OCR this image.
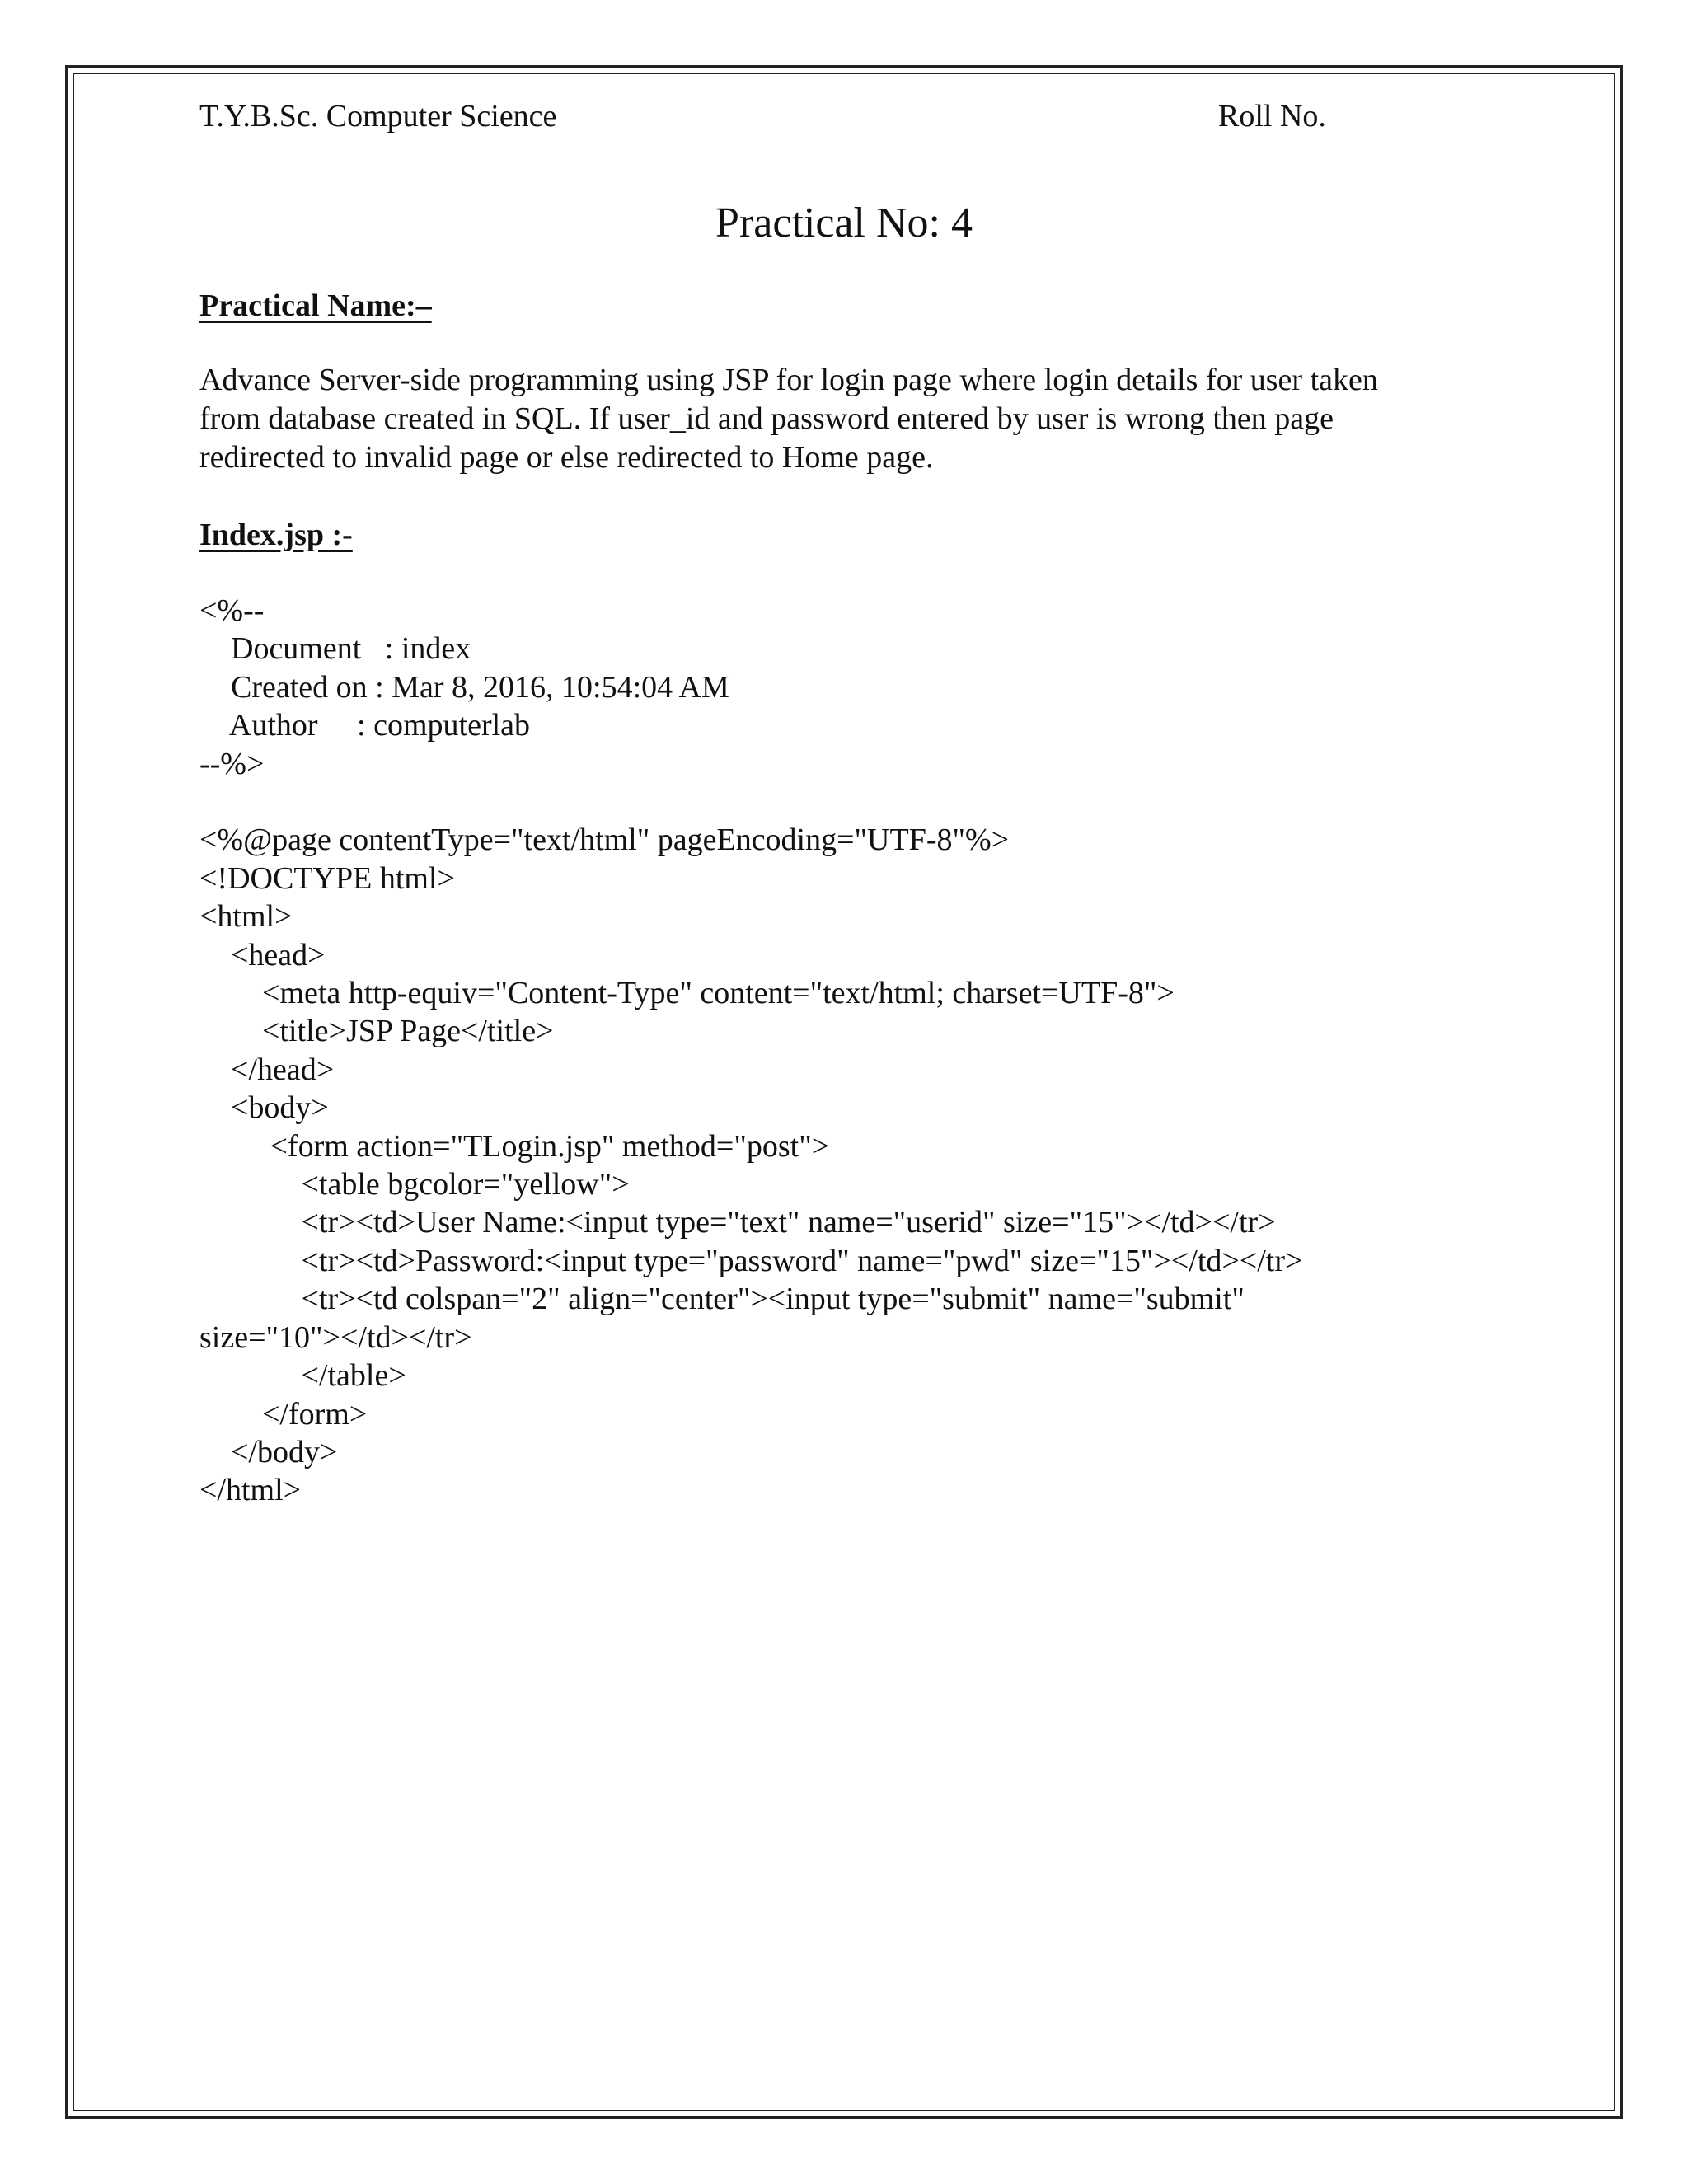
T.Y.B.Sc. Computer Science	Roll No.
Practical No: 4
Practical Name:–
Advance Server-side programming using JSP for login page where login details for user taken
from database created in SQL. If user_id and password entered by user is wrong then page
redirected to invalid page or else redirected to Home page.
Index.jsp :-
<%--
Document   : index
Created on : Mar 8, 2016, 10:54:04 AM
Author     : computerlab
--%>
<%@page contentType="text/html" pageEncoding="UTF-8"%>
<!DOCTYPE html>
<html>
<head>
<meta http-equiv="Content-Type" content="text/html; charset=UTF-8">
<title>JSP Page</title>
</head>
<body>
<form action="TLogin.jsp" method="post">
<table bgcolor="yellow">
<tr><td>User Name:<input type="text" name="userid" size="15"></td></tr>
<tr><td>Password:<input type="password" name="pwd" size="15"></td></tr>
<tr><td colspan="2" align="center"><input type="submit" name="submit"
size="10"></td></tr>
</table>
</form>
</body>
</html>
